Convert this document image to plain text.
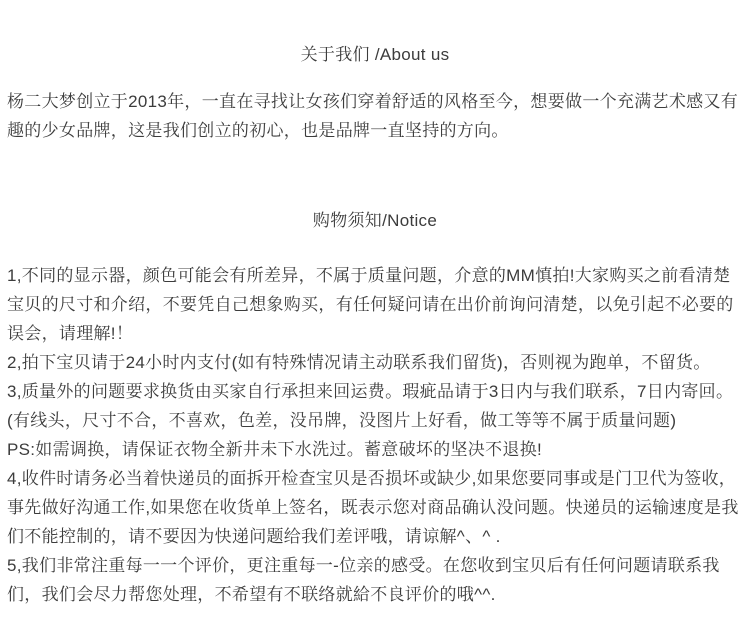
关于我们 /About us

杨二大梦创立于2013年，一直在寻找让女孩们穿着舒适的风格至今，想要做一个充满艺术感又有趣的少女品牌，这是我们创立的初心，也是品牌一直坚持的方向。

购物须知/Notice

1,不同的显示器，颜色可能会有所差异，不属于质量问题，介意的MM慎拍!大家购买之前看清楚宝贝的尺寸和介绍，不要凭自己想象购买，有任何疑问请在出价前询问清楚，以免引起不必要的误会，请理解!！

2,拍下宝贝请于24小时内支付(如有特殊情况请主动联系我们留货)，否则视为跑单，不留货。

3,质量外的问题要求换货由买家自行承担来回运费。瑕疵品请于3日内与我们联系，7日内寄回。(有线头，尺寸不合，不喜欢，色差，没吊牌，没图片上好看，做工等等不属于质量问题)

PS:如需调换，请保证衣物全新井未下水洗过。蓄意破坏的坚决不退换!

4,收件时请务必当着快递员的面拆开检查宝贝是否损坏或缺少,如果您要同事或是门卫代为签收，事先做好沟通工作,如果您在收货单上签名，既表示您对商品确认没问题。快递员的运输速度是我们不能控制的，请不要因为快递问题给我们差评哦，请谅解^、^ .

5,我们非常注重每一一个评价，更注重每一-位亲的感受。在您收到宝贝后有任何问题请联系我们，我们会尽力帮您处理，不希望有不联络就給不良评价的哦^^.
